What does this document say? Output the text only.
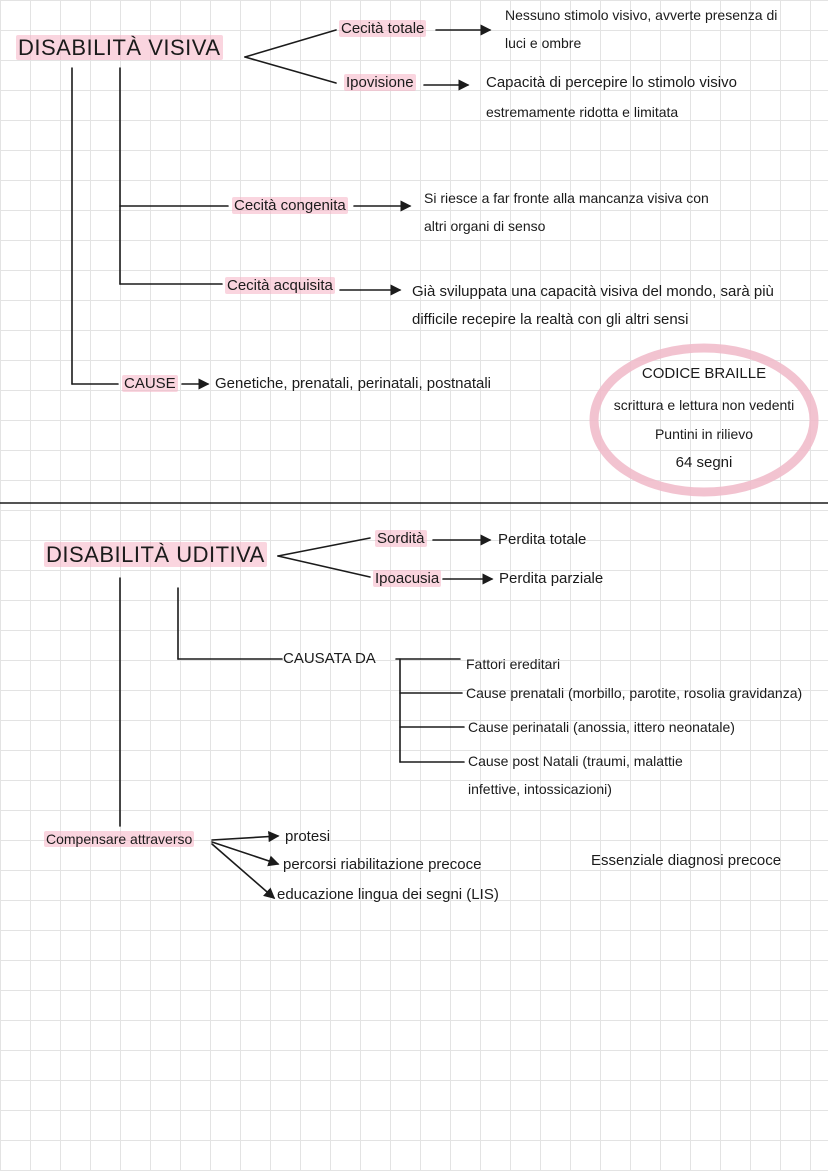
DISABILITÀ VISIVA
Cecità totale
Nessuno stimolo visivo, avverte presenza di
luci e ombre
Ipovisione	Capacità di percepire lo stimolo visivo
estremamente ridotta e limitata
Cecità congenita	Si riesce a far fronte alla mancanza visiva con
altri organi di senso
Cecità acquisita	Già sviluppata una capacità visiva del mondo, sarà più
difficile recepire la realtà con gli altri sensi
CAUSE	Genetiche, prenatali, perinatali, postnatali
CODICE BRAILLE
scrittura e lettura non vedenti
Puntini in rilievo
64 segni
DISABILITÀ UDITIVA
Sordità	Perdita totale
Ipoacusia	Perdita parziale
CAUSATA DA	Fattori ereditari
Cause prenatali (morbillo, parotite, rosolia gravidanza)
Cause perinatali (anossia, ittero neonatale)
Cause post Natali (traumi, malattie
infettive, intossicazioni)
Compensare attraverso	protesi
percorsi riabilitazione precoce
educazione lingua dei segni (LIS)
Essenziale diagnosi precoce
